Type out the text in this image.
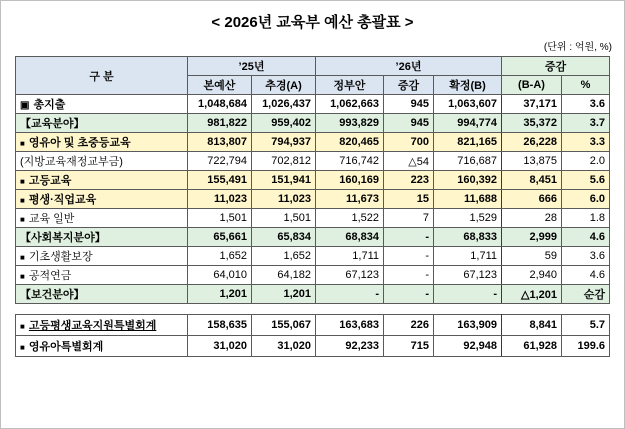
< 2026년 교육부 예산 총괄표 >
(단위 : 억원, %)
구 분	’25년		’26년			증감	
	본예산	추경(A)	정부안	증감	확정(B)	(B-A)	%
▣ 총지출	1,048,684	1,026,437	1,062,663	945	1,063,607	37,171	3.6
【교육분야】	981,822	959,402	993,829	945	994,774	35,372	3.7
■ 영유아 및 초중등교육	813,807	794,937	820,465	700	821,165	26,228	3.3
(지방교육재정교부금)	722,794	702,812	716,742	△54	716,687	13,875	2.0
■ 고등교육	155,491	151,941	160,169	223	160,392	8,451	5.6
■ 평생·직업교육	11,023	11,023	11,673	15	11,688	666	6.0
■ 교육 일반	1,501	1,501	1,522	7	1,529	28	1.8
【사회복지분야】	65,661	65,834	68,834	-	68,833	2,999	4.6
■ 기초생활보장	1,652	1,652	1,711	-	1,711	59	3.6
■ 공적연금	64,010	64,182	67,123	-	67,123	2,940	4.6
【보건분야】	1,201	1,201	-	-	-	△1,201	순감
■ 고등평생교육지원특별회계	158,635	155,067	163,683	226	163,909	8,841	5.7
■ 영유아특별회계	31,020	31,020	92,233	715	92,948	61,928	199.6
